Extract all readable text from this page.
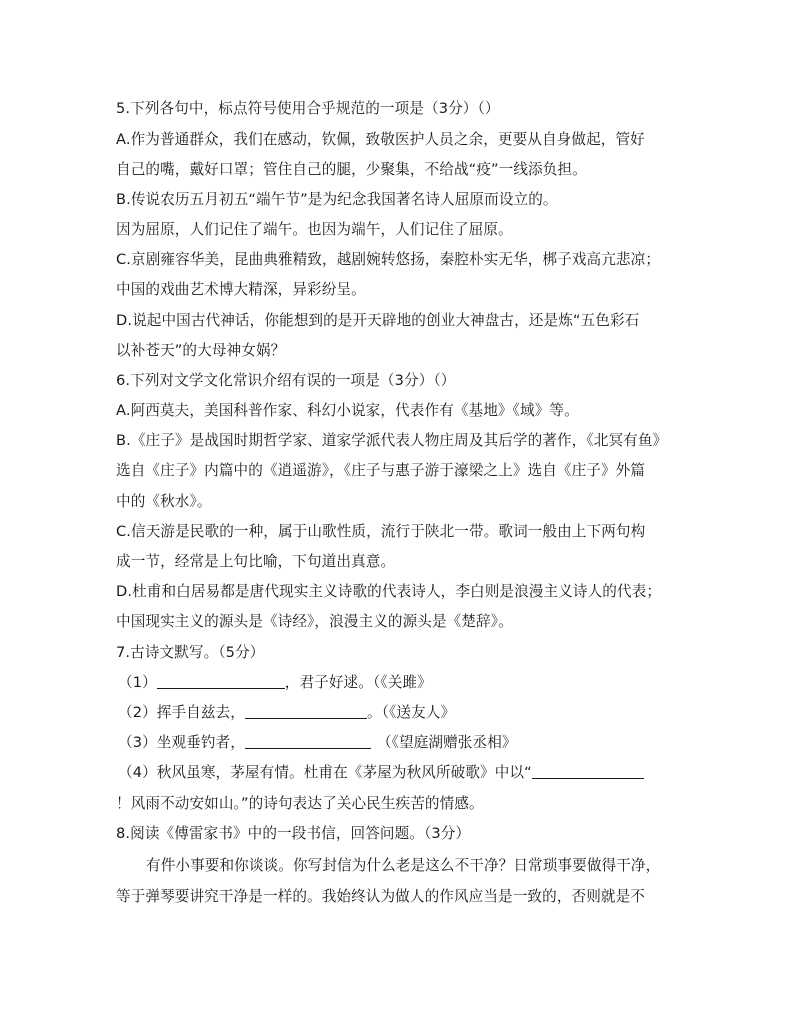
5.下列各句中，标点符号使用合乎规范的一项是（3分）（）
A.作为普通群众，我们在感动，钦佩，致敬医护人员之余，更要从自身做起，管好
自己的嘴，戴好口罩；管住自己的腿，少聚集，不给战“疫”一线添负担。
B.传说农历五月初五“端午节”是为纪念我国著名诗人屈原而设立的。
因为屈原，人们记住了端午。也因为端午，人们记住了屈原。
C.京剧雍容华美，昆曲典雅精致，越剧婉转悠扬，秦腔朴实无华，梆子戏高亢悲凉；
中国的戏曲艺术博大精深，异彩纷呈。
D.说起中国古代神话，你能想到的是开天辟地的创业大神盘古，还是炼“五色彩石
以补苍天”的大母神女娲？
6.下列对文学文化常识介绍有误的一项是（3分）（）
A.阿西莫夫，美国科普作家、科幻小说家，代表作有《基地》《域》等。
B.《庄子》是战国时期哲学家、道家学派代表人物庄周及其后学的著作，《北冥有鱼》
选自《庄子》内篇中的《逍遥游》，《庄子与惠子游于濠梁之上》选自《庄子》外篇
中的《秋水》。
C.信天游是民歌的一种，属于山歌性质，流行于陕北一带。歌词一般由上下两句构
成一节，经常是上句比喻，下句道出真意。
D.杜甫和白居易都是唐代现实主义诗歌的代表诗人，李白则是浪漫主义诗人的代表；
中国现实主义的源头是《诗经》，浪漫主义的源头是《楚辞》。
7.古诗文默写。（5分）
（1）	，君子好逑。（《关雎》
（2）挥手自兹去，	。（《送友人》
（3）坐观垂钓者，	（《望庭湖赠张丞相》
（4）秋风虽寒，茅屋有情。杜甫在《茅屋为秋风所破歌》中以“
！风雨不动安如山。”的诗句表达了关心民生疾苦的情感。
8.阅读《傅雷家书》中的一段书信，回答问题。（3分）
有件小事要和你谈谈。你写封信为什么老是这么不干净？日常琐事要做得干净，
等于弹琴要讲究干净是一样的。我始终认为做人的作风应当是一致的，否则就是不
